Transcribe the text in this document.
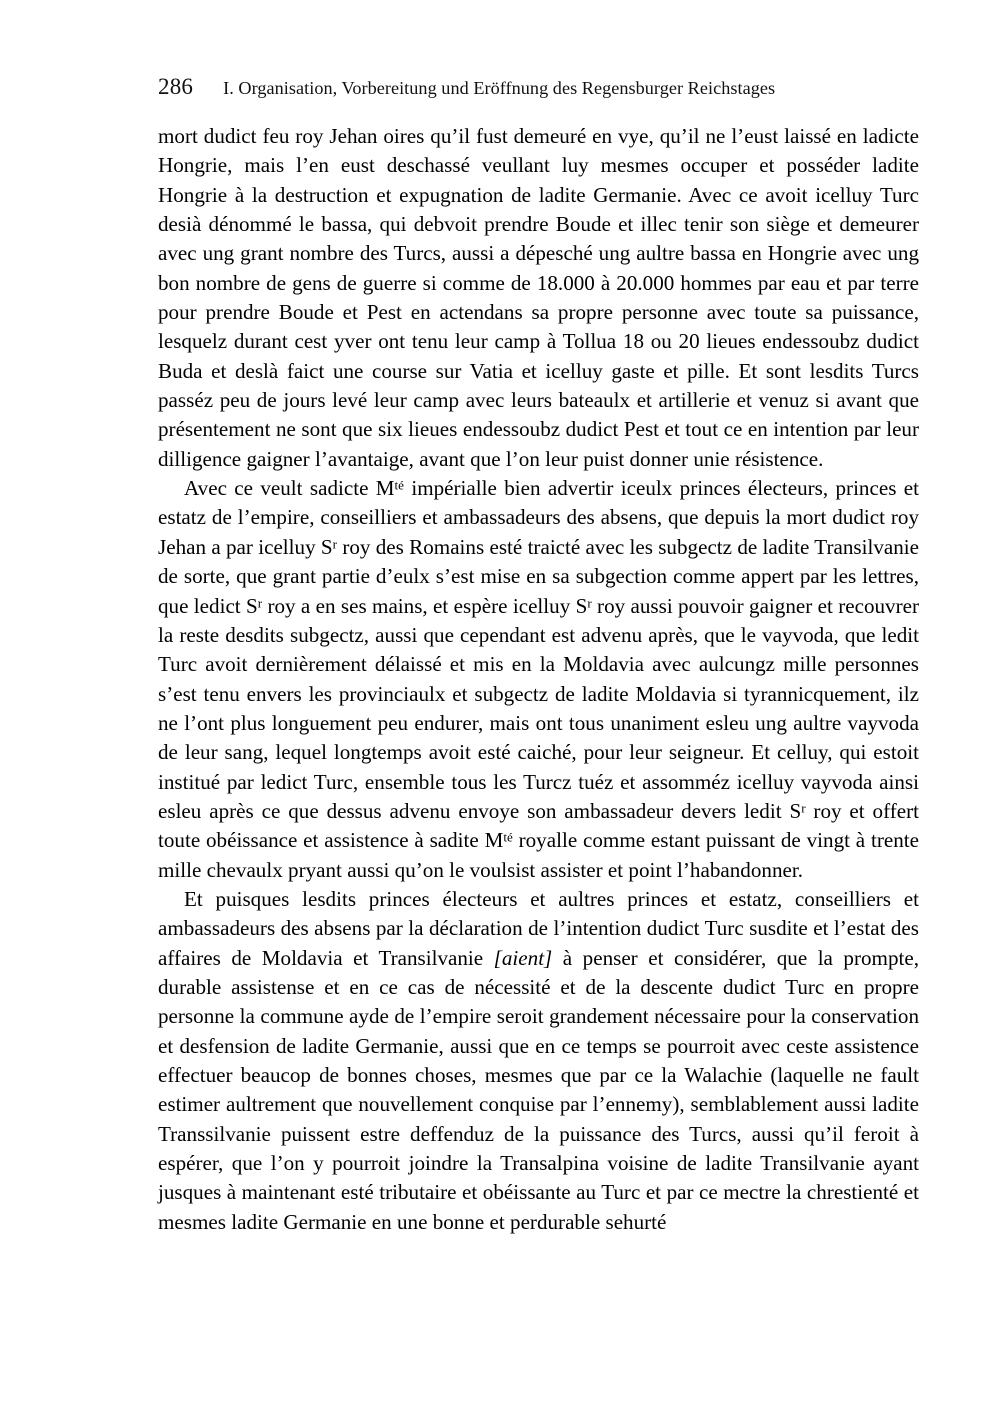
286 I. Organisation, Vorbereitung und Eröffnung des Regensburger Reichstages

mort dudict feu roy Jehan oires qu’il fust demeuré en vye, qu’il ne l’eust laissé en ladicte Hongrie, mais l’en eust deschassé veullant luy mesmes occuper et posséder ladite Hongrie à la destruction et expugnation de ladite Germanie. Avec ce avoit icelluy Turc desià dénommé le bassa, qui debvoit prendre Boude et illec tenir son siège et demeurer avec ung grant nombre des Turcs, aussi a dépesché ung aultre bassa en Hongrie avec ung bon nombre de gens de guerre si comme de 18.000 à 20.000 hommes par eau et par terre pour prendre Boude et Pest en actendans sa propre personne avec toute sa puissance, lesquelz durant cest yver ont tenu leur camp à Tollua 18 ou 20 lieues endessoubz dudict Buda et deslà faict une course sur Vatia et icelluy gaste et pille. Et sont lesdits Turcs passéz peu de jours levé leur camp avec leurs bateaulx et artillerie et venuz si avant que présentement ne sont que six lieues endessoubz dudict Pest et tout ce en intention par leur dilligence gaigner l’avantaige, avant que l’on leur puist donner unie résistence.

Avec ce veult sadicte $M^{té}$ impérialle bien advertir iceulx princes électeurs, princes et estatz de l’empire, conseilliers et ambassadeurs des absens, que depuis la mort dudict roy Jehan a par icelluy $S^r$ roy des Romains esté traicté avec les subgectz de ladite Transilvanie de sorte, que grant partie d’eulx s’est mise en sa subgection comme appert par les lettres, que ledict $S^r$ roy a en ses mains, et espère icelluy $S^r$ roy aussi pouvoir gaigner et recouvrer la reste desdits subgectz, aussi que cependant est advenu après, que le vayvoda, que ledit Turc avoit dernièrement délaissé et mis en la Moldavia avec aulcungz mille personnes s’est tenu envers les provinciaulx et subgectz de ladite Moldavia si tyrannicquement, ilz ne l’ont plus longuement peu endurer, mais ont tous unaniment esleu ung aultre vayvoda de leur sang, lequel longtemps avoit esté caiché, pour leur seigneur. Et celluy, qui estoit institué par ledict Turc, ensemble tous les Turcz tuéz et assomméz icelluy vayvoda ainsi esleu après ce que dessus advenu envoye son ambassadeur devers ledit $S^r$ roy et offert toute obéissance et assistence à sadite $M^{té}$ royalle comme estant puissant de vingt à trente mille chevaulx pryant aussi qu’on le voulsist assister et point l’habandonner.

Et puisques lesdits princes électeurs et aultres princes et estatz, conseilliers et ambassadeurs des absens par la déclaration de l’intention dudict Turc susdite et l’estat des affaires de Moldavia et Transilvanie [aient] à penser et considérer, que la prompte, durable assistense et en ce cas de nécessité et de la descente dudict Turc en propre personne la commune ayde de l’empire seroit grandement nécessaire pour la conservation et desfension de ladite Germanie, aussi que en ce temps se pourroit avec ceste assistence effectuer beaucop de bonnes choses, mesmes que par ce la Walachie (laquelle ne fault estimer aultrement que nouvellement conquise par l’ennemy), semblablement aussi ladite Transsilvanie puissent estre deffenduz de la puissance des Turcs, aussi qu’il feroit à espérer, que l’on y pourroit joindre la Transalpina voisine de ladite Transilvanie ayant jusques à maintenant esté tributaire et obéissante au Turc et par ce mectre la chrestienté et mesmes ladite Germanie en une bonne et perdurable sehurté
